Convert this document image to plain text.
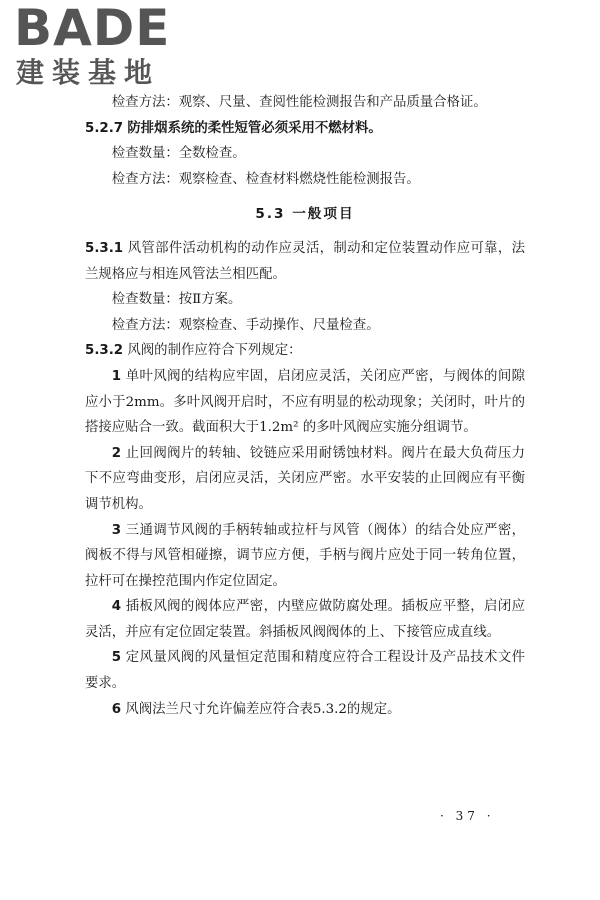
BADE
建装基地

检查方法：观察、尺量、查阅性能检测报告和产品质量合格证。

5.2.7 防排烟系统的柔性短管必须采用不燃材料。

检查数量：全数检查。

检查方法：观察检查、检查材料燃烧性能检测报告。

5.3 一般项目

5.3.1 风管部件活动机构的动作应灵活，制动和定位装置动作应可靠，法兰规格应与相连风管法兰相匹配。

检查数量：按Ⅱ方案。

检查方法：观察检查、手动操作、尺量检查。

5.3.2 风阀的制作应符合下列规定：

1 单叶风阀的结构应牢固，启闭应灵活，关闭应严密，与阀体的间隙应小于2mm。多叶风阀开启时，不应有明显的松动现象；关闭时，叶片的搭接应贴合一致。截面积大于1.2m² 的多叶风阀应实施分组调节。

2 止回阀阀片的转轴、铰链应采用耐锈蚀材料。阀片在最大负荷压力下不应弯曲变形，启闭应灵活，关闭应严密。水平安装的止回阀应有平衡调节机构。

3 三通调节风阀的手柄转轴或拉杆与风管（阀体）的结合处应严密，阀板不得与风管相碰擦，调节应方便，手柄与阀片应处于同一转角位置，拉杆可在操控范围内作定位固定。

4 插板风阀的阀体应严密，内壁应做防腐处理。插板应平整，启闭应灵活，并应有定位固定装置。斜插板风阀阀体的上、下接管应成直线。

5 定风量风阀的风量恒定范围和精度应符合工程设计及产品技术文件要求。

6 风阀法兰尺寸允许偏差应符合表5.3.2的规定。

· 37 ·
